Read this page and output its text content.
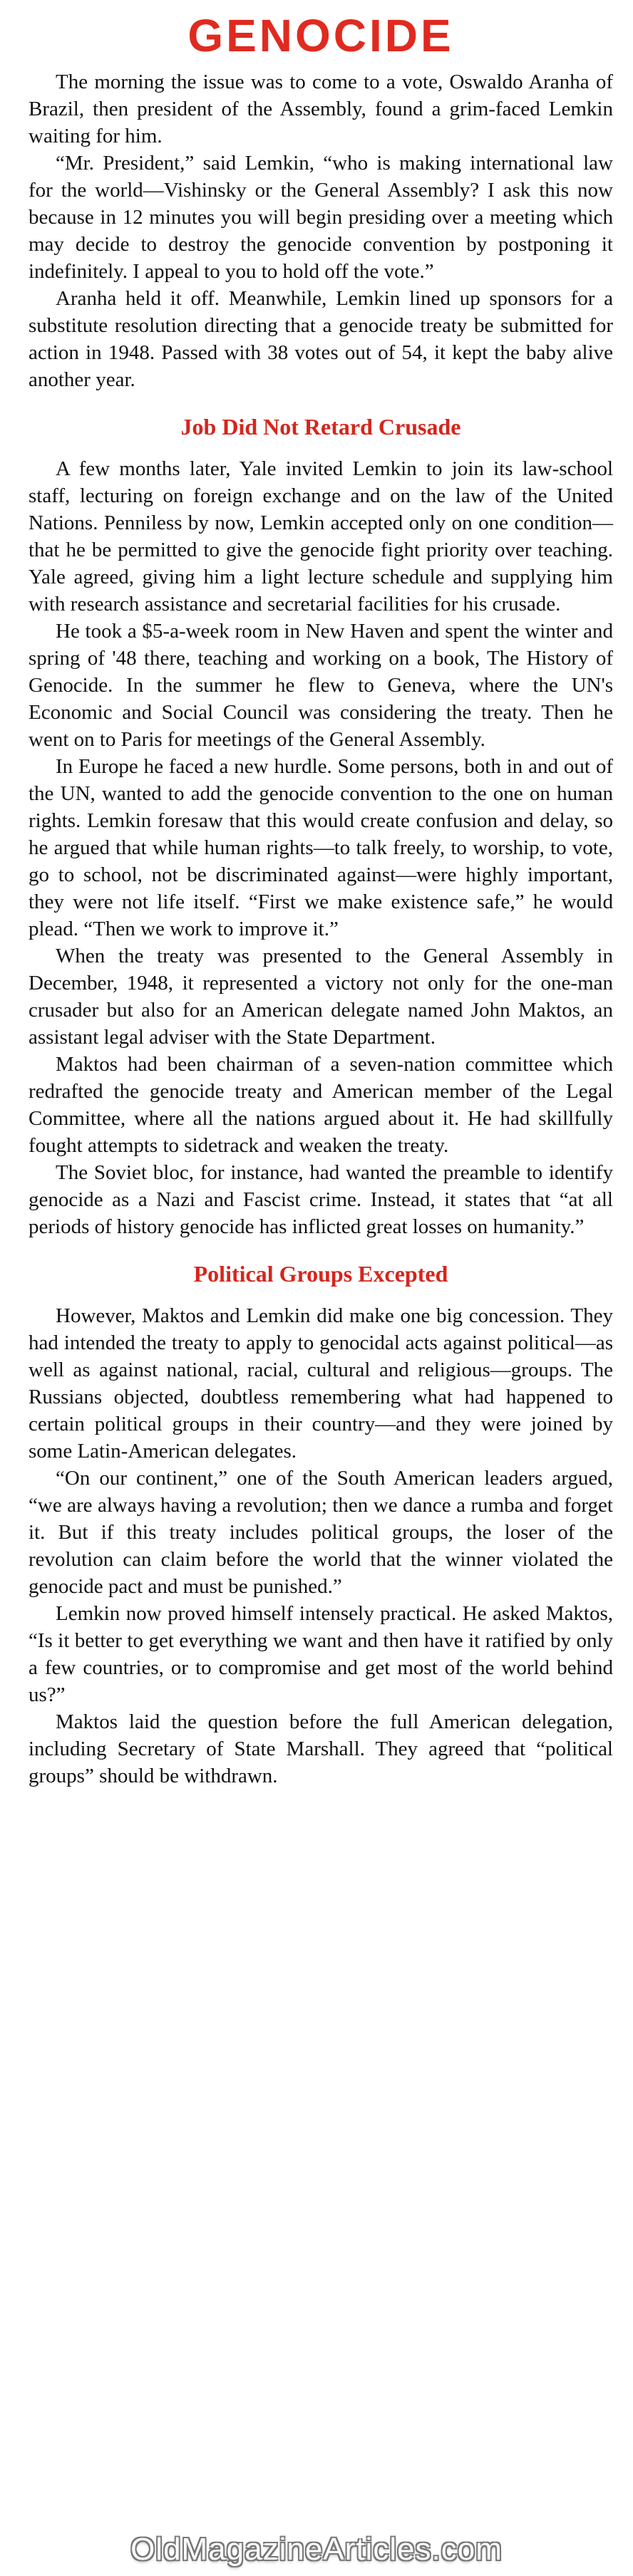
GENOCIDE

The morning the issue was to come to a vote, Oswaldo Aranha of Brazil, then president of the Assembly, found a grim-faced Lemkin waiting for him.

“Mr. President,” said Lemkin, “who is making international law for the world—Vishinsky or the General Assembly? I ask this now because in 12 minutes you will begin presiding over a meeting which may decide to destroy the genocide convention by postponing it indefinitely. I appeal to you to hold off the vote.”

Aranha held it off. Meanwhile, Lemkin lined up sponsors for a substitute resolution directing that a genocide treaty be submitted for action in 1948. Passed with 38 votes out of 54, it kept the baby alive another year.

Job Did Not Retard Crusade

A few months later, Yale invited Lemkin to join its law-school staff, lecturing on foreign exchange and on the law of the United Nations. Penniless by now, Lemkin accepted only on one condition—that he be permitted to give the genocide fight priority over teaching. Yale agreed, giving him a light lecture schedule and supplying him with research assistance and secretarial facilities for his crusade.

He took a $5-a-week room in New Haven and spent the winter and spring of '48 there, teaching and working on a book, The History of Genocide. In the summer he flew to Geneva, where the UN's Economic and Social Council was considering the treaty. Then he went on to Paris for meetings of the General Assembly.

In Europe he faced a new hurdle. Some persons, both in and out of the UN, wanted to add the genocide convention to the one on human rights. Lemkin foresaw that this would create confusion and delay, so he argued that while human rights—to talk freely, to worship, to vote, go to school, not be discriminated against—were highly important, they were not life itself. “First we make existence safe,” he would plead. “Then we work to improve it.”

When the treaty was presented to the General Assembly in December, 1948, it represented a victory not only for the one-man crusader but also for an American delegate named John Maktos, an assistant legal adviser with the State Department.

Maktos had been chairman of a seven-nation committee which redrafted the genocide treaty and American member of the Legal Committee, where all the nations argued about it. He had skillfully fought attempts to sidetrack and weaken the treaty.

The Soviet bloc, for instance, had wanted the preamble to identify genocide as a Nazi and Fascist crime. Instead, it states that “at all periods of history genocide has inflicted great losses on humanity.”

Political Groups Excepted

However, Maktos and Lemkin did make one big concession. They had intended the treaty to apply to genocidal acts against political—as well as against national, racial, cultural and religious—groups. The Russians objected, doubtless remembering what had happened to certain political groups in their country—and they were joined by some Latin-American delegates.

“On our continent,” one of the South American leaders argued, “we are always having a revolution; then we dance a rumba and forget it. But if this treaty includes political groups, the loser of the revolution can claim before the world that the winner violated the genocide pact and must be punished.”

Lemkin now proved himself intensely practical. He asked Maktos, “Is it better to get everything we want and then have it ratified by only a few countries, or to compromise and get most of the world behind us?”

Maktos laid the question before the full American delegation, including Secretary of State Marshall. They agreed that “political groups” should be withdrawn.

OldMagazineArticles.com
